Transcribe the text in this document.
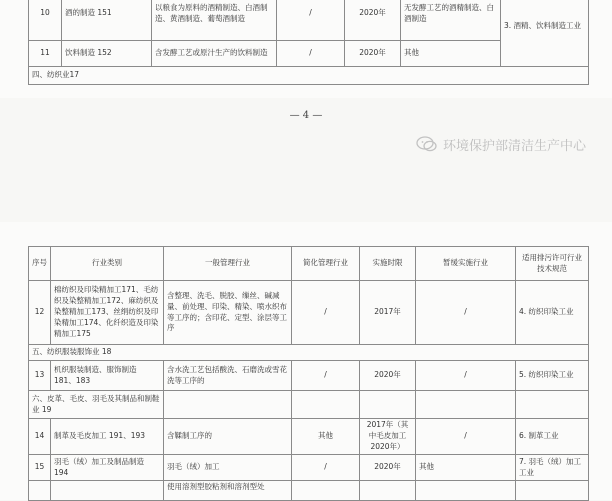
10	酒的制造 151	以粮食为原料的酒精制造、白酒制造、黄酒制造、葡萄酒制造	/	2020年	无发酵工艺的酒精制造、白酒制造	3. 酒精、饮料制造工业
11	饮料制造 152	含发酵工艺或原汁生产的饮料制造	/	2020年	其他	
四、纺织业17						
— 4 —
环境保护部清洁生产中心
序号	行业类别	一般管理行业	简化管理行业	实施时限	暂缓实施行业	适用排污许可行业技术规范
12	棉纺织及印染精加工171、毛纺织及染整精加工172、麻纺织及染整精加工173、丝绢纺织及印染精加工174、化纤织造及印染精加工175	含整理、洗毛、脱胶、缫丝、碱减量、前处理、印染、精染、喷水织布等工序的；含印花、定型、涂层等工序	/	2017年	/	4. 纺织印染工业
五、纺织服装服饰业 18						
13	机织服装制造、服饰制造 181、183	含水洗工艺包括酸洗、石磨洗或雪花洗等工序的	/	2020年	/	5. 纺织印染工业
六、皮革、毛皮、羽毛及其制品和制鞋业 19						
14	制革及毛皮加工 191、193	含鞣制工序的	其他	2017年（其中毛皮加工2020年）	/	6. 制革工业
15	羽毛（绒）加工及制品制造 194	羽毛（绒）加工	/	2020年	其他	7. 羽毛（绒）加工工业
		使用溶剂型胶粘剂和溶剂型处				
